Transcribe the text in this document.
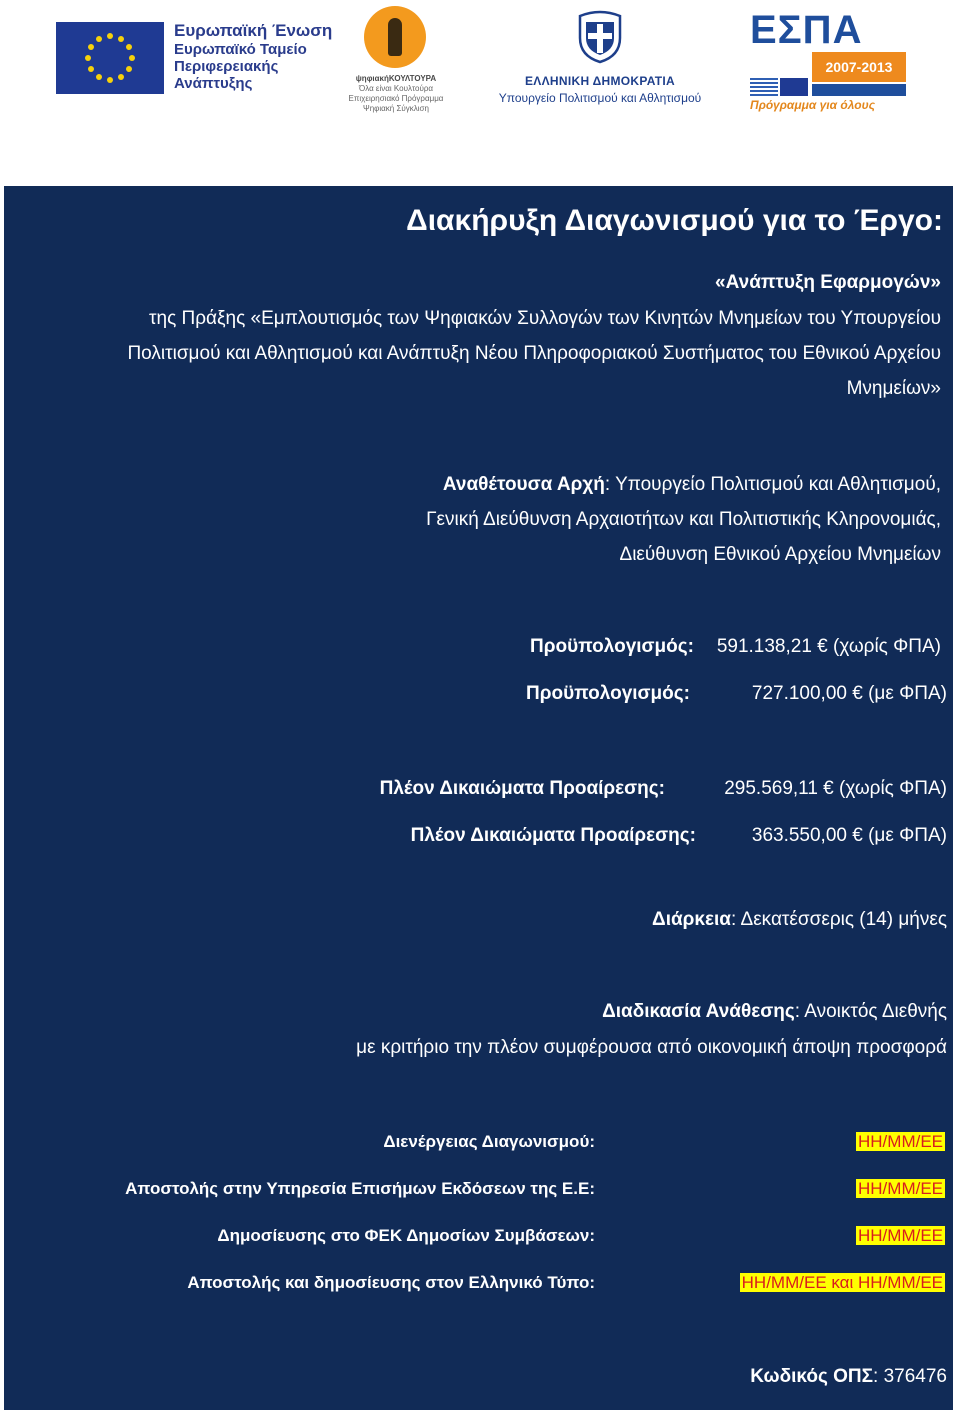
Ευρωπαϊκή Ένωση
Ευρωπαϊκό Ταμείο
Περιφερειακής
Ανάπτυξης	ψηφιακήΚΟΥΛΤΟΥΡΑ
Όλα είναι Κουλτούρα
Επιχειρησιακό Πρόγραμμα
Ψηφιακή Σύγκλιση
ΕΛΛΗΝΙΚΗ ΔΗΜΟΚΡΑΤΙΑ
Υπουργείο Πολιτισμού και Αθλητισμού
ΕΣΠΑ
2007-2013
Πρόγραμμα για όλους
Διακήρυξη Διαγωνισμού για το Έργο:
«Ανάπτυξη Εφαρμογών»
της Πράξης «Εμπλουτισμός των Ψηφιακών Συλλογών των Κινητών Μνημείων του Υπουργείου
Πολιτισμού και Αθλητισμού και Ανάπτυξη Νέου Πληροφοριακού Συστήματος του Εθνικού Αρχείου
Μνημείων»
Αναθέτουσα Αρχή: Υπουργείο Πολιτισμού και Αθλητισμού,
Γενική Διεύθυνση Αρχαιοτήτων και Πολιτιστικής Κληρονομιάς,
Διεύθυνση Εθνικού Αρχείου Μνημείων
Προϋπολογισμός: 591.138,21 € (χωρίς ΦΠΑ)
Προϋπολογισμός:	727.100,00 € (με ΦΠΑ)
Πλέον Δικαιώματα Προαίρεσης:	295.569,11 € (χωρίς ΦΠΑ)
Πλέον Δικαιώματα Προαίρεσης:	363.550,00 € (με ΦΠΑ)
Διάρκεια: Δεκατέσσερις (14) μήνες
Διαδικασία Ανάθεσης: Ανοικτός Διεθνής
με κριτήριο την πλέον συμφέρουσα από οικονομική άποψη προσφορά
Διενέργειας Διαγωνισμού:	ΗΗ/ΜΜ/ΕΕ
Αποστολής στην Υπηρεσία Επισήμων Εκδόσεων της Ε.Ε:	ΗΗ/ΜΜ/ΕΕ
Δημοσίευσης στο ΦΕΚ Δημοσίων Συμβάσεων:	ΗΗ/ΜΜ/ΕΕ
Αποστολής και δημοσίευσης στον Ελληνικό Τύπο:	ΗΗ/ΜΜ/ΕΕ και ΗΗ/ΜΜ/ΕΕ
Κωδικός ΟΠΣ: 376476
